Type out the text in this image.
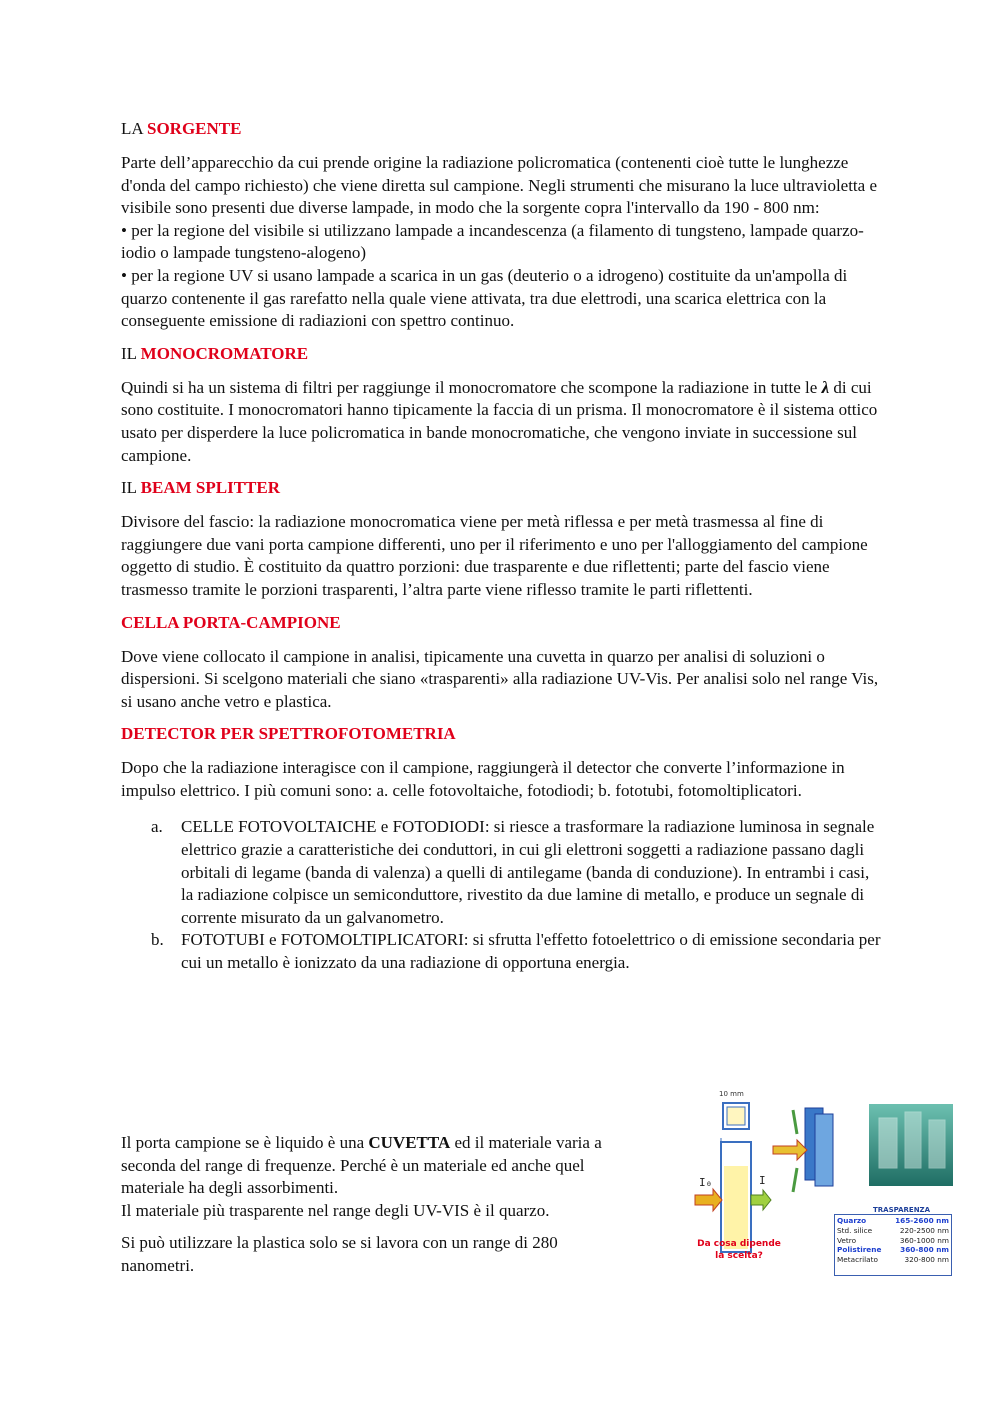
LA SORGENTE

Parte dell’apparecchio da cui prende origine la radiazione policromatica (contenenti cioè tutte le lunghezze d'onda del campo richiesto) che viene diretta sul campione. Negli strumenti che misurano la luce ultravioletta e visibile sono presenti due diverse lampade, in modo che la sorgente copra l'intervallo da 190 - 800 nm:
• per la regione del visibile si utilizzano lampade a incandescenza (a filamento di tungsteno, lampade quarzo- iodio o lampade tungsteno-alogeno)
• per la regione UV si usano lampade a scarica in un gas (deuterio o a idrogeno) costituite da un'ampolla di quarzo contenente il gas rarefatto nella quale viene attivata, tra due elettrodi, una scarica elettrica con la conseguente emissione di radiazioni con spettro continuo.

IL MONOCROMATORE

Quindi si ha un sistema di filtri per raggiunge il monocromatore che scompone la radiazione in tutte le λ di cui sono costituite. I monocromatori hanno tipicamente la faccia di un prisma. Il monocromatore è il sistema ottico usato per disperdere la luce policromatica in bande monocromatiche, che vengono inviate in successione sul campione.

IL BEAM SPLITTER

Divisore del fascio: la radiazione monocromatica viene per metà riflessa e per metà trasmessa al fine di raggiungere due vani porta campione differenti, uno per il riferimento e uno per l'alloggiamento del campione oggetto di studio. È costituito da quattro porzioni: due trasparente e due riflettenti; parte del fascio viene trasmesso tramite le porzioni trasparenti, l’altra parte viene riflesso tramite le parti riflettenti.

CELLA PORTA-CAMPIONE

Dove viene collocato il campione in analisi, tipicamente una cuvetta in quarzo per analisi di soluzioni o dispersioni. Si scelgono materiali che siano «trasparenti» alla radiazione UV-Vis. Per analisi solo nel range Vis, si usano anche vetro e plastica.

DETECTOR PER SPETTROFOTOMETRIA

Dopo che la radiazione interagisce con il campione, raggiungerà il detector che converte l’informazione in impulso elettrico. I più comuni sono: a. celle fotovoltaiche, fotodiodi; b. fototubi, fotomoltiplicatori.

a. CELLE FOTOVOLTAICHE e FOTODIODI: si riesce a trasformare la radiazione luminosa in segnale elettrico grazie a caratteristiche dei conduttori, in cui gli elettroni soggetti a radiazione passano dagli orbitali di legame (banda di valenza) a quelli di antilegame (banda di conduzione). In entrambi i casi, la radiazione colpisce un semiconduttore, rivestito da due lamine di metallo, e produce un segnale di corrente misurato da un galvanometro.
b. FOTOTUBI e FOTOMOLTIPLICATORI: si sfrutta l'effetto fotoelettrico o di emissione secondaria per cui un metallo è ionizzato da una radiazione di opportuna energia.

Il porta campione se è liquido è una CUVETTA ed il materiale varia a seconda del range di frequenze. Perché è un materiale ed anche quel materiale ha degli assorbimenti.
Il materiale più trasparente nel range degli UV-VIS è il quarzo.

Si può utilizzare la plastica solo se si lavora con un range di 280 nanometri.

10 mm
I₀	I
Da cosa dipende la scelta?
TRASPARENZA
Quarzo	165-2600 nm
Std. silice	220-2500 nm
Vetro	360-1000 nm
Polistirene	360-800 nm
Metacrilato	320-800 nm
